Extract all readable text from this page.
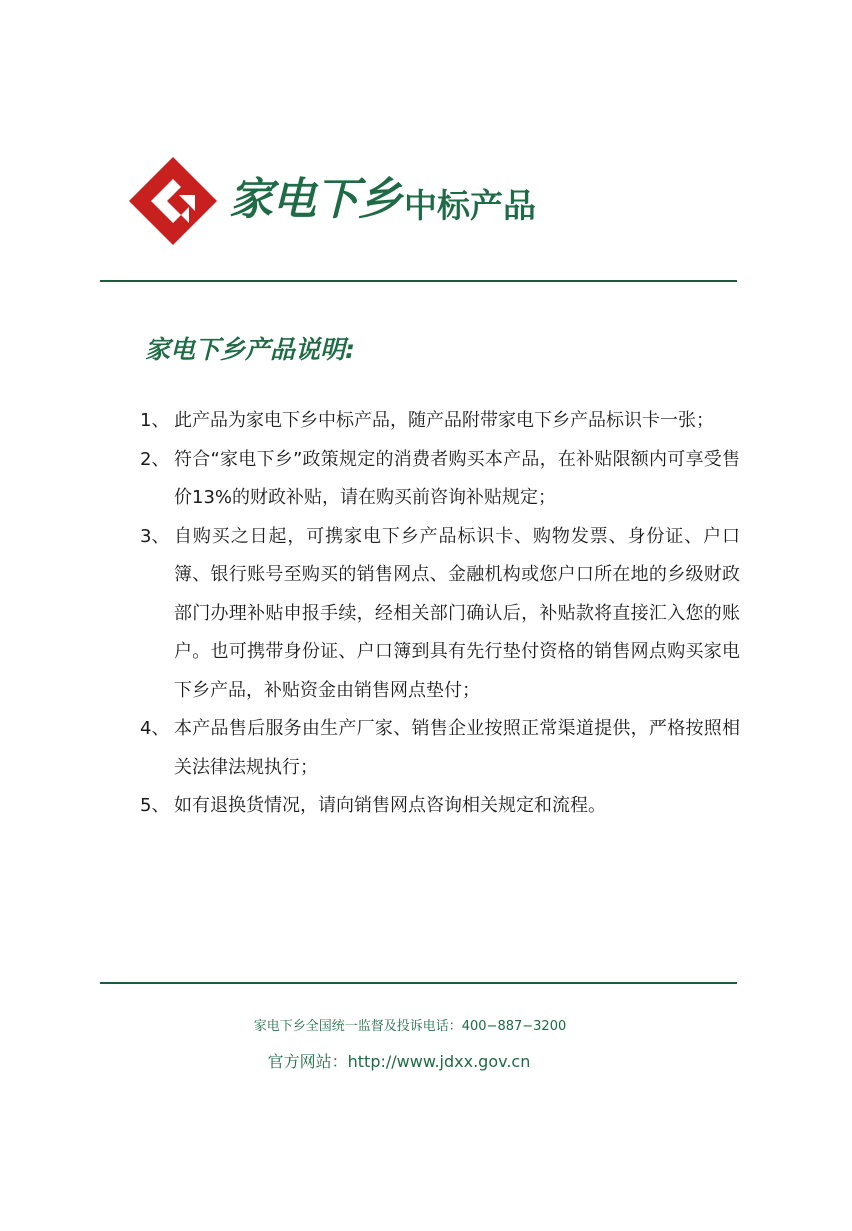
家电下乡 中标产品
家电下乡产品说明:
1、 此产品为家电下乡中标产品，随产品附带家电下乡产品标识卡一张；
2、 符合“家电下乡”政策规定的消费者购买本产品，在补贴限额内可享受售价13%的财政补贴，请在购买前咨询补贴规定；
3、 自购买之日起，可携家电下乡产品标识卡、购物发票、身份证、户口簿、银行账号至购买的销售网点、金融机构或您户口所在地的乡级财政部门办理补贴申报手续，经相关部门确认后，补贴款将直接汇入您的账户。也可携带身份证、户口簿到具有先行垫付资格的销售网点购买家电下乡产品，补贴资金由销售网点垫付；
4、 本产品售后服务由生产厂家、销售企业按照正常渠道提供，严格按照相关法律法规执行；
5、 如有退换货情况，请向销售网点咨询相关规定和流程。
家电下乡全国统一监督及投诉电话：400−887−3200
官方网站：http://www.jdxx.gov.cn
